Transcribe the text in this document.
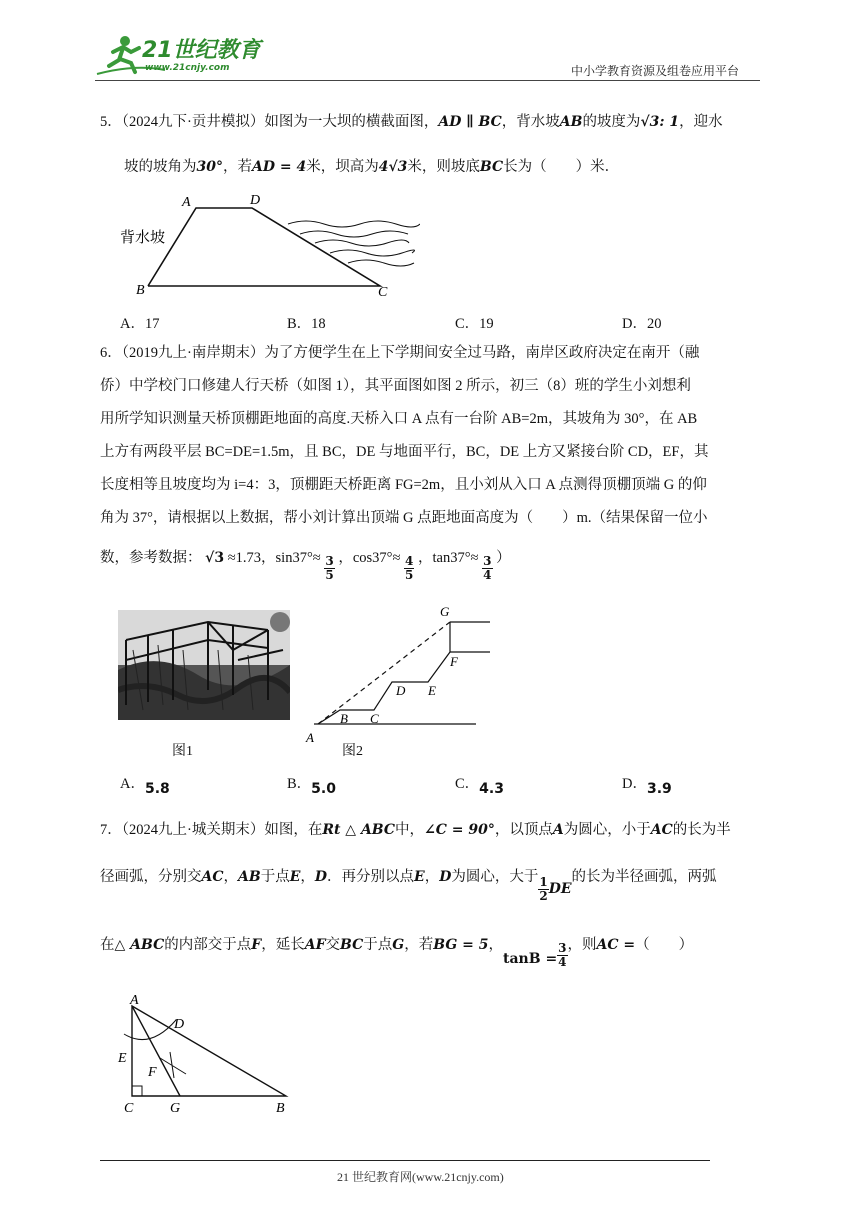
21世纪教育
www.21cnjy.com	中小学教育资源及组卷应用平台
5．（2024九下·贡井模拟）如图为一大坝的横截面图，AD ∥ BC，背水坡AB的坡度为√3: 1，迎水
坡的坡角为30°，若AD = 4米，坝高为4√3米，则坡底BC长为（　　）米．
A	D
B	C
背水坡
A．17	B．18	C．19	D．20
6．（2019九上·南岸期末）为了方便学生在上下学期间安全过马路，南岸区政府决定在南开（融
侨）中学校门口修建人行天桥（如图 1），其平面图如图 2 所示，初三（8）班的学生小刘想利
用所学知识测量天桥顶棚距地面的高度.天桥入口 A 点有一台阶 AB=2m，其坡角为 30°，在 AB
上方有两段平层 BC=DE=1.5m，且 BC，DE 与地面平行，BC，DE 上方又紧接台阶 CD，EF，其
长度相等且坡度均为 i=4：3，顶棚距天桥距离 FG=2m，且小刘从入口 A 点测得顶棚顶端 G 的仰
角为 37°，请根据以上数据，帮小刘计算出顶端 G 点距地面高度为（　　）m.（结果保留一位小
数，参考数据： √3 ≈1.73，$\sin 37^\circ\approx \frac{3}{5}$ ，$\cos 37^\circ\approx \frac{4}{5}$ ，$\tan 37^\circ\approx \frac{3}{4}$ ）
图1
A
B C
D E
F
G
图2
A．5.8	B．5.0	C．4.3	D．3.9
7．（2024九上·城关期末）如图，在Rt △ ABC中，∠C = 90°，以顶点A为圆心，小于AC的长为半
径画弧，分别交AC，AB于点E，D．再分别以点E，D为圆心，大于 $\frac{1}{2}$ DE的长为半径画弧，两弧
在△ ABC的内部交于点F，延长AF交BC于点G，若BG = 5，$\tan B = \frac{3}{4}$ ，则AC =（　　）
A
D
E
F
C	G	B
21 世纪教育网(www.21cnjy.com)
